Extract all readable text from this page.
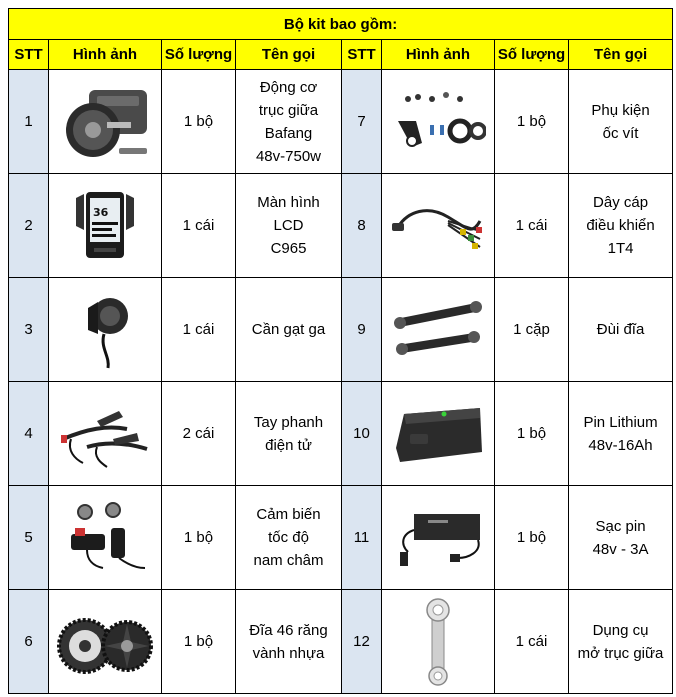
Bộ kit bao gồm:							
STT	Hình ảnh	Số lượng	Tên gọi	STT	Hình ảnh	Số lượng	Tên gọi
1		1 bộ	Động cơ
trục giữa
Bafang
48v-750w	7		1 bộ	Phụ kiện
ốc vít

2	36	1 cái	Màn hình
LCD
C965	8		1 cái	Dây cáp
điều khiển
1T4

3		1 cái	Cần gạt ga	9		1 cặp	Đùi đĩa

4		2 cái	Tay phanh
điện tử	10		1 bộ	Pin Lithium
48v-16Ah

5		1 bộ	Cảm biến
tốc độ
nam châm	11		1 bộ	Sạc pin
48v - 3A

6		1 bộ	Đĩa 46 răng
vành nhựa	12		1 cái	Dụng cụ
mở trục giữa
